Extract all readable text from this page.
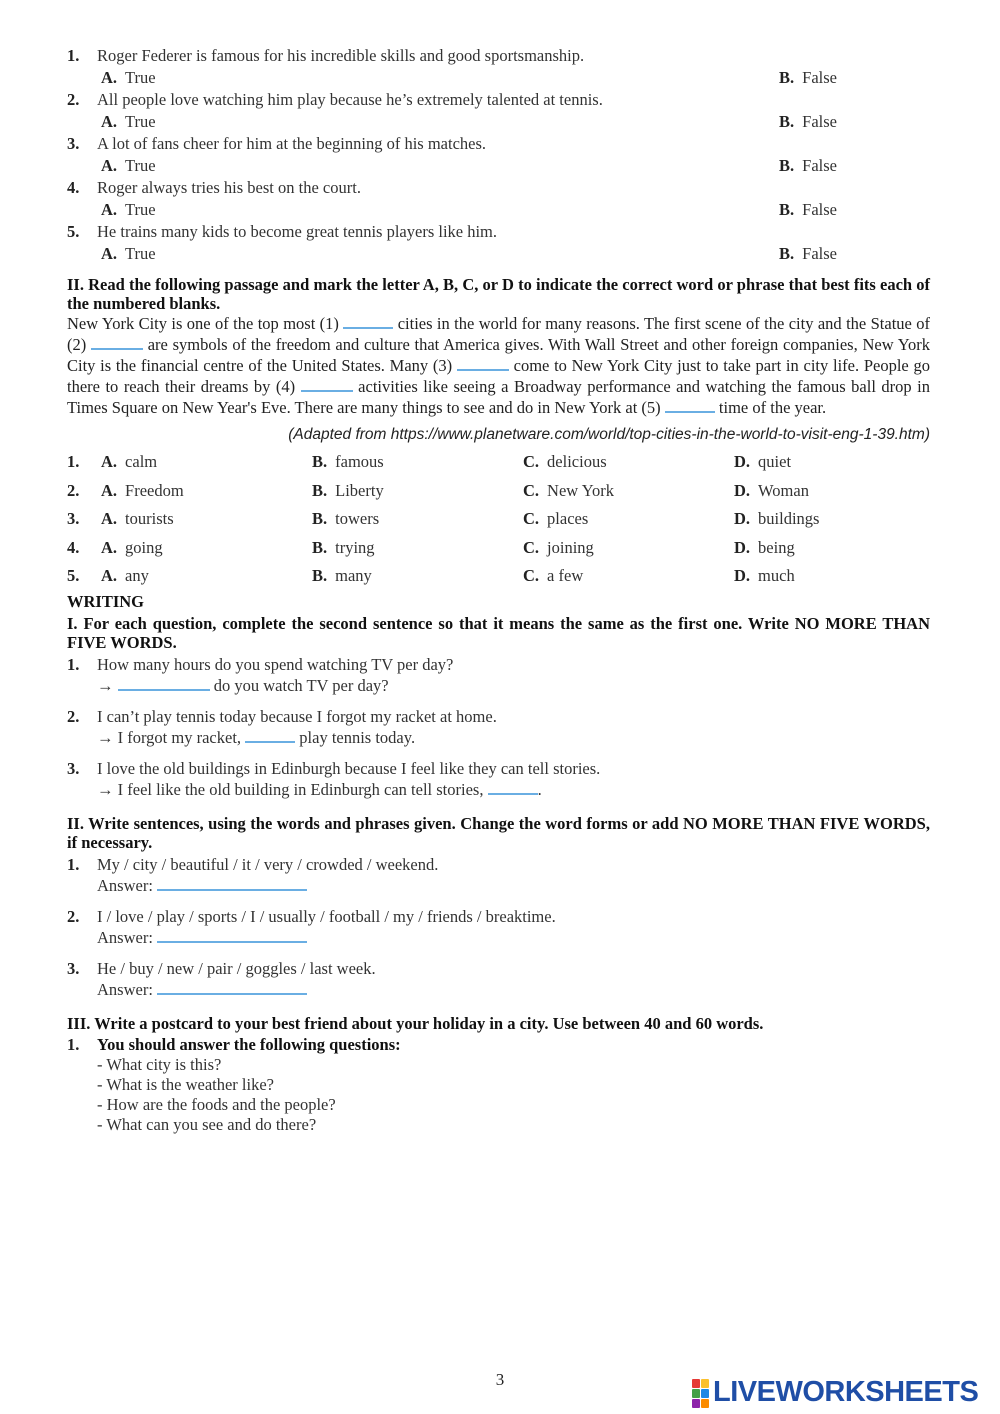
1. Roger Federer is famous for his incredible skills and good sportsmanship.
A. True	B. False
2. All people love watching him play because he’s extremely talented at tennis.
A. True	B. False
3. A lot of fans cheer for him at the beginning of his matches.
A. True	B. False
4. Roger always tries his best on the court.
A. True	B. False
5. He trains many kids to become great tennis players like him.
A. True	B. False
II. Read the following passage and mark the letter A, B, C, or D to indicate the correct word or phrase that best fits each of the numbered blanks.
New York City is one of the top most (1)	cities in the world for many reasons. The first scene of the city and the Statue of (2)	are symbols of the freedom and culture that America gives. With Wall Street and other foreign companies, New York City is the financial centre of the United States. Many (3)	come to New York City just to take part in city life. People go there to reach their dreams by (4)	activities like seeing a Broadway performance and watching the famous ball drop in Times Square on New Year's Eve. There are many things to see and do in New York at (5)	time of the year.
(Adapted from https://www.planetware.com/world/top-cities-in-the-world-to-visit-eng-1-39.htm)
1. A. calm	B. famous	C. delicious	D. quiet
2. A. Freedom	B. Liberty	C. New York	D. Woman
3. A. tourists	B. towers	C. places	D. buildings
4. A. going	B. trying	C. joining	D. being
5. A. any	B. many	C. a few	D. much
WRITING
I. For each question, complete the second sentence so that it means the same as the first one. Write NO MORE THAN FIVE WORDS.
1. How many hours do you spend watching TV per day?
→	do you watch TV per day?
2. I can’t play tennis today because I forgot my racket at home.
→ I forgot my racket,	play tennis today.
3. I love the old buildings in Edinburgh because I feel like they can tell stories.
→ I feel like the old building in Edinburgh can tell stories,	.
II. Write sentences, using the words and phrases given. Change the word forms or add NO MORE THAN FIVE WORDS, if necessary.
1. My / city / beautiful / it / very / crowded / weekend.
Answer:
2. I / love / play / sports / I / usually / football / my / friends / breaktime.
Answer:
3. He / buy / new / pair / goggles / last week.
Answer:
III. Write a postcard to your best friend about your holiday in a city. Use between 40 and 60 words.
1. You should answer the following questions:
- What city is this?
- What is the weather like?
- How are the foods and the people?
- What can you see and do there?
3	LIVEWORKSHEETS
